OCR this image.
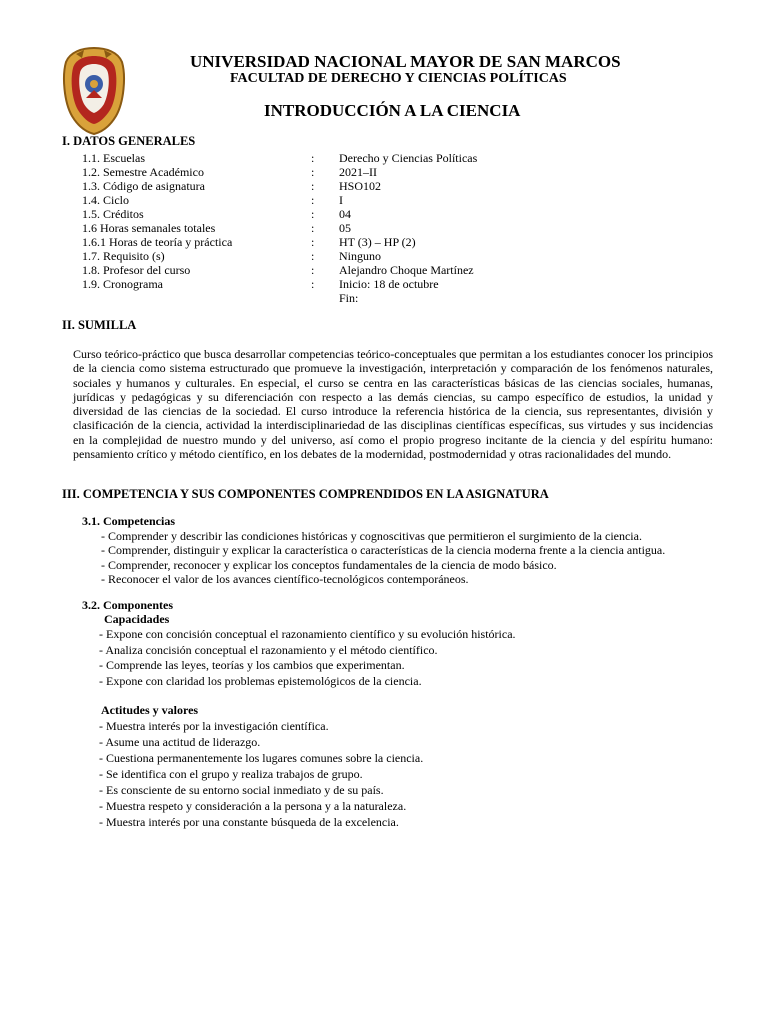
UNIVERSIDAD NACIONAL MAYOR DE SAN MARCOS
FACULTAD DE DERECHO Y CIENCIAS POLÍTICAS
INTRODUCCIÓN A LA CIENCIA
I. DATOS GENERALES
1.1. Escuelas	: Derecho y Ciencias Políticas
1.2. Semestre Académico	: 2021–II
1.3. Código de asignatura	: HSO102
1.4. Ciclo	: I
1.5. Créditos	: 04
1.6 Horas semanales totales	: 05
1.6.1 Horas de teoría y práctica	: HT (3) – HP (2)
1.7. Requisito (s)	: Ninguno
1.8. Profesor del curso	: Alejandro Choque Martínez
1.9. Cronograma	: Inicio: 18 de octubre
Fin:
II. SUMILLA
Curso teórico-práctico que busca desarrollar competencias teórico-conceptuales que permitan a los estudiantes conocer los principios de la ciencia como sistema estructurado que promueve la investigación, interpretación y comparación de los fenómenos naturales, sociales y humanos y culturales. En especial, el curso se centra en las características básicas de las ciencias sociales, humanas, jurídicas y pedagógicas y su diferenciación con respecto a las demás ciencias, su campo específico de estudios, la unidad y diversidad de las ciencias de la sociedad. El curso introduce la referencia histórica de la ciencia, sus representantes, división y clasificación de la ciencia, actividad la interdisciplinariedad de las disciplinas científicas específicas, sus virtudes y sus incidencias en la complejidad de nuestro mundo y del universo, así como el propio progreso incitante de la ciencia y del espíritu humano: pensamiento crítico y método científico, en los debates de la modernidad, postmodernidad y otras racionalidades del mundo.
III. COMPETENCIA Y SUS COMPONENTES COMPRENDIDOS EN LA ASIGNATURA
3.1. Competencias
- Comprender y describir las condiciones históricas y cognoscitivas que permitieron el surgimiento de la ciencia.
- Comprender, distinguir y explicar la característica o características de la ciencia moderna frente a la ciencia antigua.
- Comprender, reconocer y explicar los conceptos fundamentales de la ciencia de modo básico.
- Reconocer el valor de los avances científico-tecnológicos contemporáneos.
3.2. Componentes
Capacidades
- Expone con concisión conceptual el razonamiento científico y su evolución histórica.
- Analiza concisión conceptual el razonamiento y el método científico.
- Comprende las leyes, teorías y los cambios que experimentan.
- Expone con claridad los problemas epistemológicos de la ciencia.
Actitudes y valores
- Muestra interés por la investigación científica.
- Asume una actitud de liderazgo.
- Cuestiona permanentemente los lugares comunes sobre la ciencia.
- Se identifica con el grupo y realiza trabajos de grupo.
- Es consciente de su entorno social inmediato y de su país.
- Muestra respeto y consideración a la persona y a la naturaleza.
- Muestra interés por una constante búsqueda de la excelencia.
